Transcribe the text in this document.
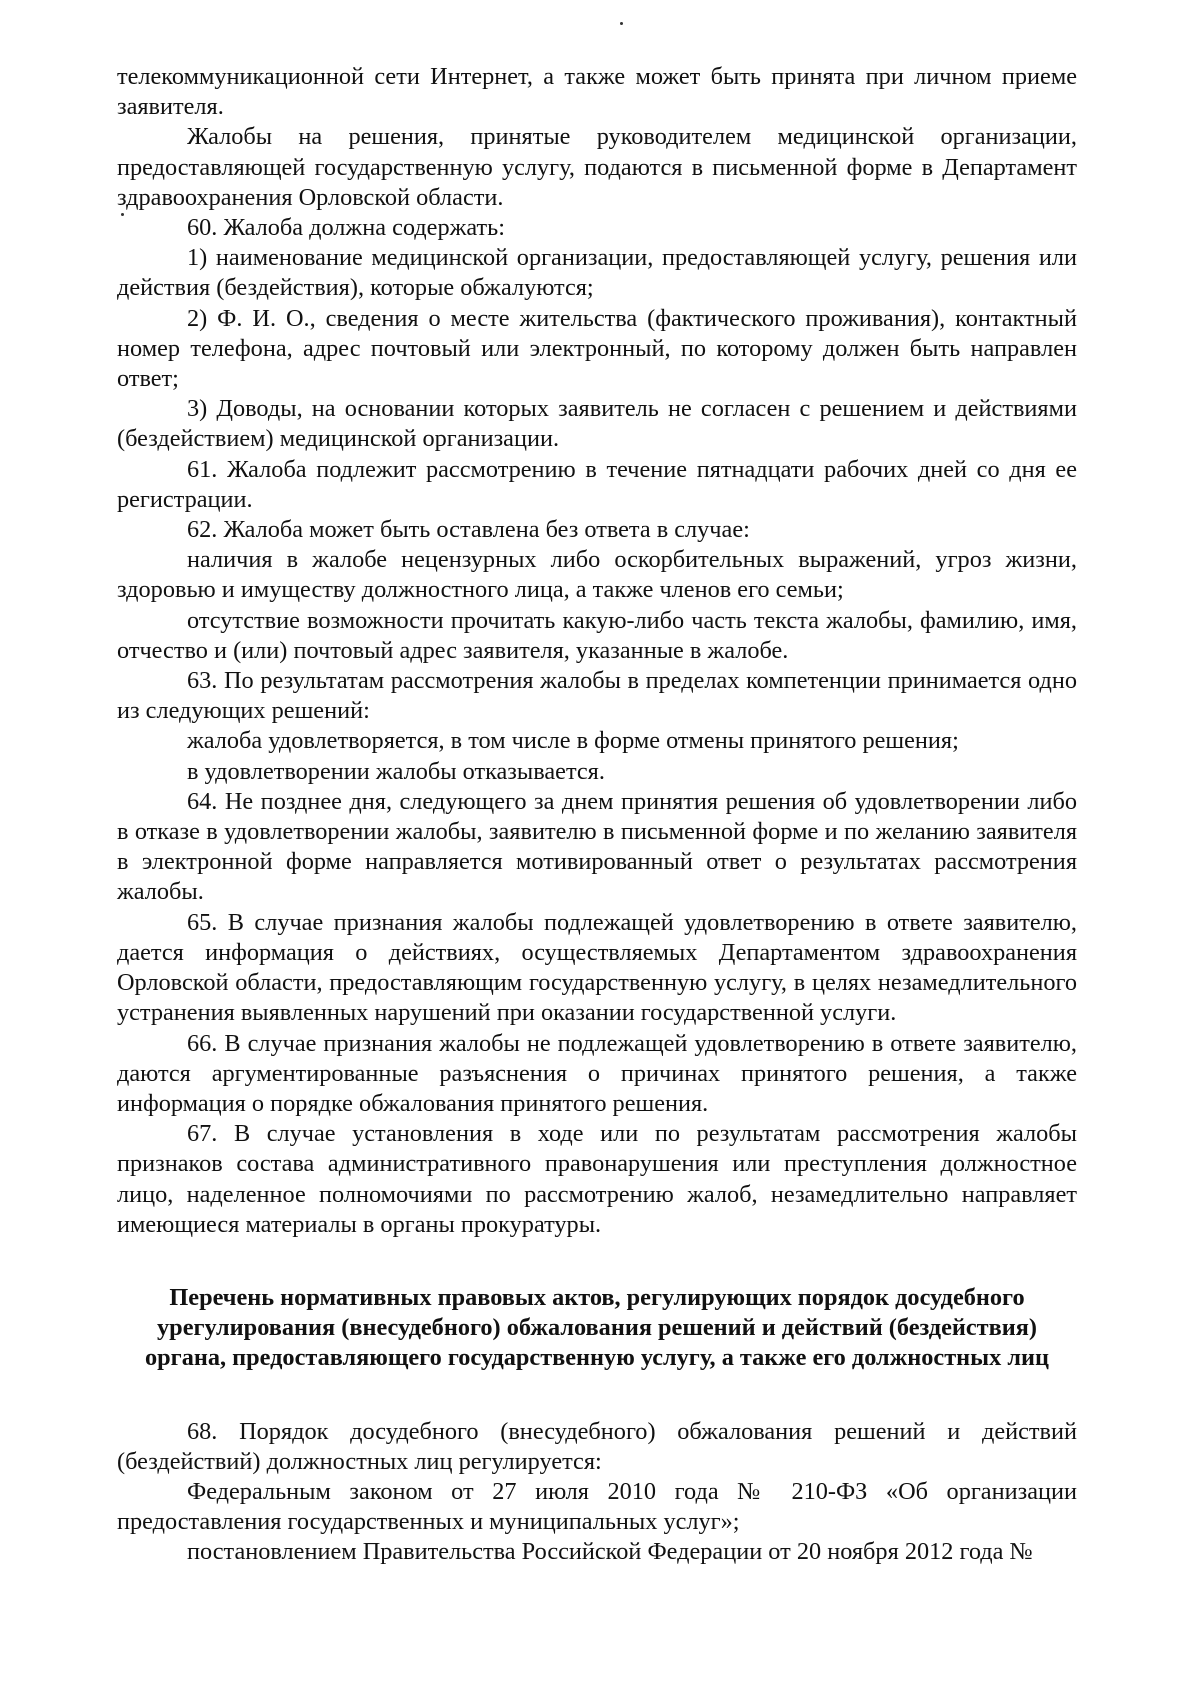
телекоммуникационной сети Интернет, а также может быть принята при личном приеме заявителя.

Жалобы на решения, принятые руководителем медицинской организации, предоставляющей государственную услугу, подаются в письменной форме в Департамент здравоохранения Орловской области.

60. Жалоба должна содержать:

1) наименование медицинской организации, предоставляющей услугу, решения или действия (бездействия), которые обжалуются;

2) Ф. И. О., сведения о месте жительства (фактического проживания), контактный номер телефона, адрес почтовый или электронный, по которому должен быть направлен ответ;

3) Доводы, на основании которых заявитель не согласен с решением и действиями (бездействием) медицинской организации.

61. Жалоба подлежит рассмотрению в течение пятнадцати рабочих дней со дня ее регистрации.

62. Жалоба может быть оставлена без ответа в случае:

наличия в жалобе нецензурных либо оскорбительных выражений, угроз жизни, здоровью и имуществу должностного лица, а также членов его семьи;

отсутствие возможности прочитать какую-либо часть текста жалобы, фамилию, имя, отчество и (или) почтовый адрес заявителя, указанные в жалобе.

63. По результатам рассмотрения жалобы в пределах компетенции принимается одно из следующих решений:

жалоба удовлетворяется, в том числе в форме отмены принятого решения;

в удовлетворении жалобы отказывается.

64. Не позднее дня, следующего за днем принятия решения об удовлетворении либо в отказе в удовлетворении жалобы, заявителю в письменной форме и по желанию заявителя в электронной форме направляется мотивированный ответ о результатах рассмотрения жалобы.

65. В случае признания жалобы подлежащей удовлетворению в ответе заявителю, дается информация о действиях, осуществляемых Департаментом здравоохранения Орловской области, предоставляющим государственную услугу, в целях незамедлительного устранения выявленных нарушений при оказании государственной услуги.

66. В случае признания жалобы не подлежащей удовлетворению в ответе заявителю, даются аргументированные разъяснения о причинах принятого решения, а также информация о порядке обжалования принятого решения.

67. В случае установления в ходе или по результатам рассмотрения жалобы признаков состава административного правонарушения или преступления должностное лицо, наделенное полномочиями по рассмотрению жалоб, незамедлительно направляет имеющиеся материалы в органы прокуратуры.

Перечень нормативных правовых актов, регулирующих порядок досудебного
урегулирования (внесудебного) обжалования решений и действий (бездействия)
органа, предоставляющего государственную услугу, а также его должностных лиц

68. Порядок досудебного (внесудебного) обжалования решений и действий (бездействий) должностных лиц регулируется:

Федеральным законом от 27 июля 2010 года № 210-ФЗ «Об организации предоставления государственных и муниципальных услуг»;

постановлением Правительства Российской Федерации от 20 ноября 2012 года №
